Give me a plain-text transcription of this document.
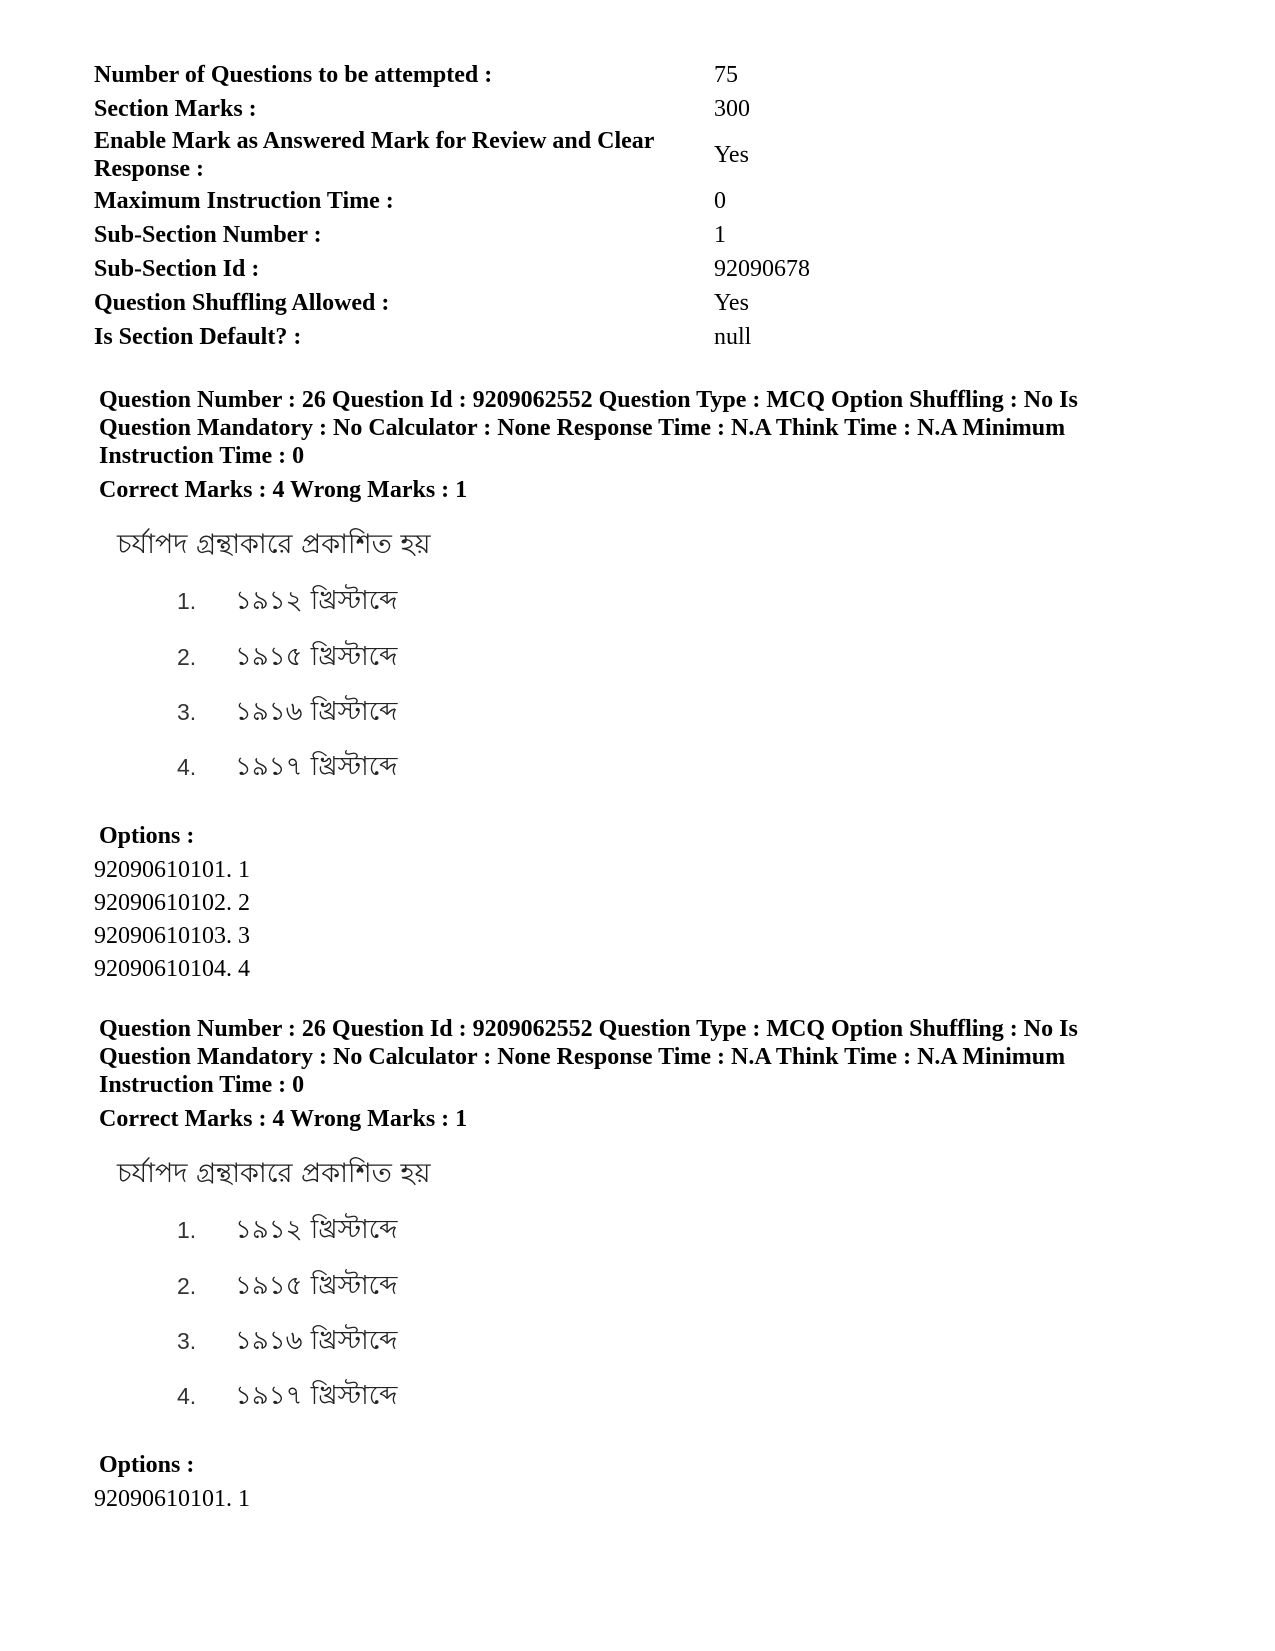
Number of Questions to be attempted :	75
Section Marks :	300
Enable Mark as Answered Mark for Review and Clear Response :	Yes
Maximum Instruction Time :	0
Sub-Section Number :	1
Sub-Section Id :	92090678
Question Shuffling Allowed :	Yes
Is Section Default? :	null

Question Number : 26 Question Id : 9209062552 Question Type : MCQ Option Shuffling : No Is Question Mandatory : No Calculator : None Response Time : N.A Think Time : N.A Minimum Instruction Time : 0

Correct Marks : 4 Wrong Marks : 1
চর্যাপদ গ্রন্থাকারে প্রকাশিত হয়
1. ১৯১২ খ্রিস্টাব্দে
2. ১৯১৫ খ্রিস্টাব্দে
3. ১৯১৬ খ্রিস্টাব্দে
4. ১৯১৭ খ্রিস্টাব্দে
Options :
92090610101. 1
92090610102. 2
92090610103. 3
92090610104. 4

Question Number : 26 Question Id : 9209062552 Question Type : MCQ Option Shuffling : No Is Question Mandatory : No Calculator : None Response Time : N.A Think Time : N.A Minimum Instruction Time : 0

Correct Marks : 4 Wrong Marks : 1
চর্যাপদ গ্রন্থাকারে প্রকাশিত হয়
1. ১৯১২ খ্রিস্টাব্দে
2. ১৯১৫ খ্রিস্টাব্দে
3. ১৯১৬ খ্রিস্টাব্দে
4. ১৯১৭ খ্রিস্টাব্দে
Options :
92090610101. 1
